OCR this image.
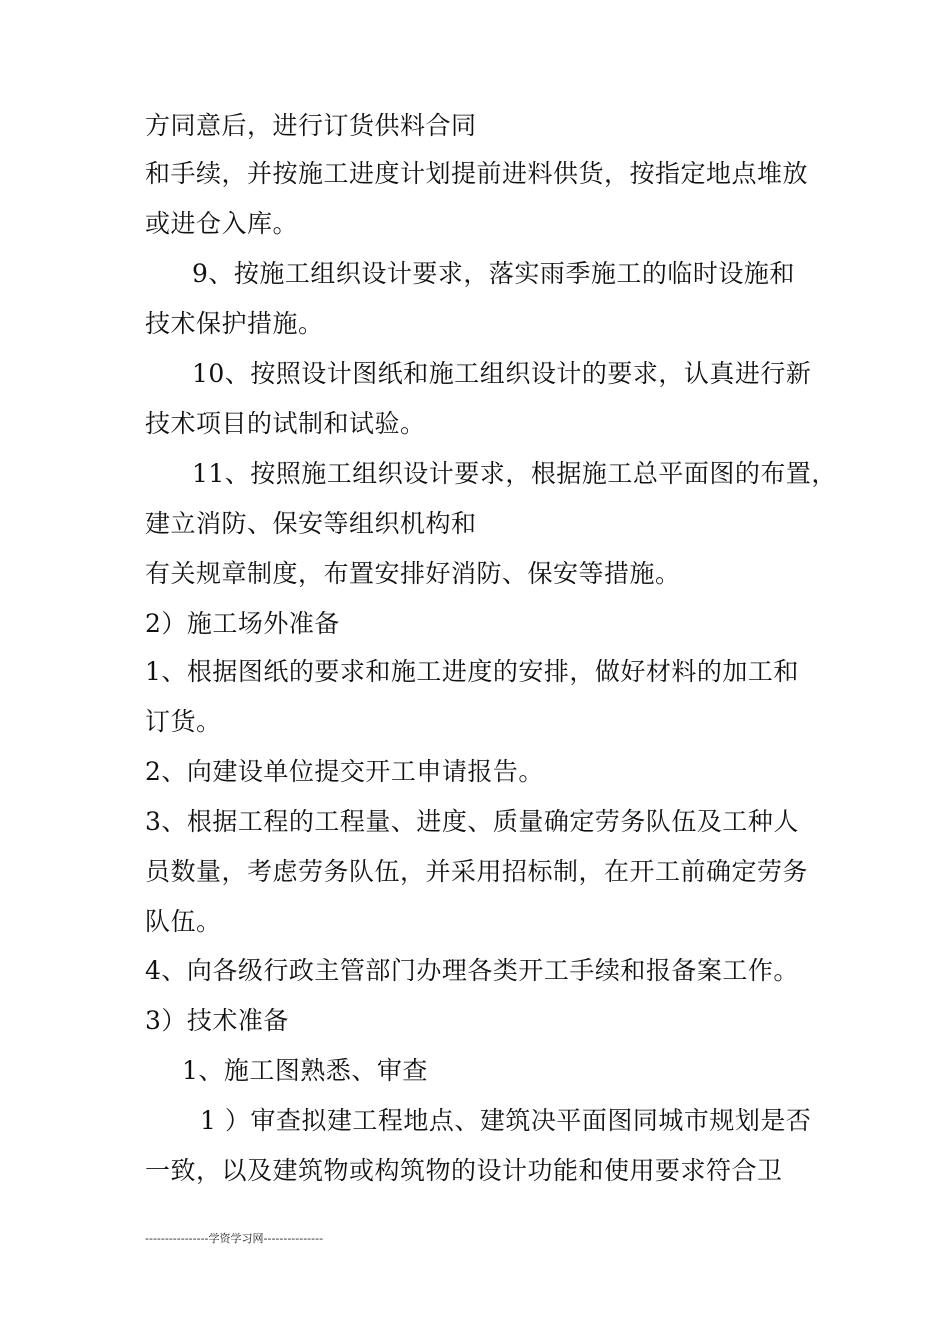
方同意后，进行订货供料合同
和手续，并按施工进度计划提前进料供货，按指定地点堆放
或进仓入库。
9、按施工组织设计要求，落实雨季施工的临时设施和
技术保护措施。
10、按照设计图纸和施工组织设计的要求，认真进行新
技术项目的试制和试验。
11、按照施工组织设计要求，根据施工总平面图的布置，
建立消防、保安等组织机构和
有关规章制度，布置安排好消防、保安等措施。
2）施工场外准备
1、根据图纸的要求和施工进度的安排，做好材料的加工和
订货。
2、向建设单位提交开工申请报告。
3、根据工程的工程量、进度、质量确定劳务队伍及工种人
员数量，考虑劳务队伍，并采用招标制，在开工前确定劳务
队伍。
4、向各级行政主管部门办理各类开工手续和报备案工作。
3）技术准备
1、施工图熟悉、审查
1 ）审查拟建工程地点、建筑决平面图同城市规划是否
一致，以及建筑物或构筑物的设计功能和使用要求符合卫
----------------学资学习网---------------
